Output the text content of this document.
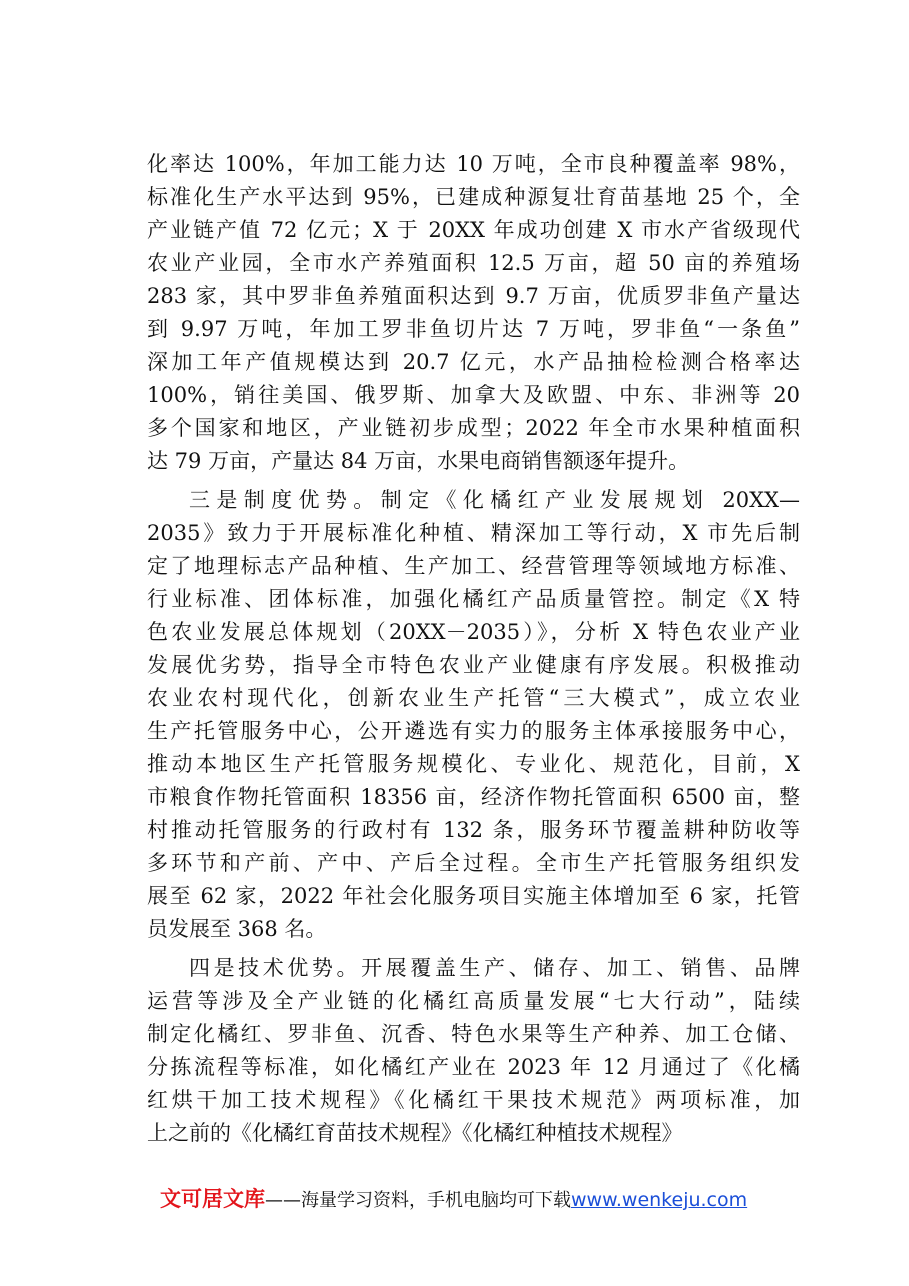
化率达 100%，年加工能力达 10 万吨，全市良种覆盖率 98%，
标准化生产水平达到 95%，已建成种源复壮育苗基地 25 个，全
产业链产值 72 亿元；X 于 20XX 年成功创建 X 市水产省级现代
农业产业园，全市水产养殖面积 12.5 万亩，超 50 亩的养殖场
283 家，其中罗非鱼养殖面积达到 9.7 万亩，优质罗非鱼产量达
到 9.97 万吨，年加工罗非鱼切片达 7 万吨，罗非鱼“一条鱼”
深加工年产值规模达到 20.7 亿元，水产品抽检检测合格率达
100%，销往美国、俄罗斯、加拿大及欧盟、中东、非洲等 20
多个国家和地区，产业链初步成型；2022 年全市水果种植面积
达 79 万亩，产量达 84 万亩，水果电商销售额逐年提升。
三是制度优势。制定《化橘红产业发展规划 20XX—
2035》致力于开展标准化种植、精深加工等行动，X 市先后制
定了地理标志产品种植、生产加工、经营管理等领域地方标准、
行业标准、团体标准，加强化橘红产品质量管控。制定《X 特
色农业发展总体规划（20XX－2035）》，分析 X 特色农业产业
发展优劣势，指导全市特色农业产业健康有序发展。积极推动
农业农村现代化，创新农业生产托管“三大模式”，成立农业
生产托管服务中心，公开遴选有实力的服务主体承接服务中心，
推动本地区生产托管服务规模化、专业化、规范化，目前，X
市粮食作物托管面积 18356 亩，经济作物托管面积 6500 亩，整
村推动托管服务的行政村有 132 条，服务环节覆盖耕种防收等
多环节和产前、产中、产后全过程。全市生产托管服务组织发
展至 62 家，2022 年社会化服务项目实施主体增加至 6 家，托管
员发展至 368 名。
四是技术优势。开展覆盖生产、储存、加工、销售、品牌
运营等涉及全产业链的化橘红高质量发展“七大行动”，陆续
制定化橘红、罗非鱼、沉香、特色水果等生产种养、加工仓储、
分拣流程等标准，如化橘红产业在 2023 年 12 月通过了《化橘
红烘干加工技术规程》《化橘红干果技术规范》两项标准，加
上之前的《化橘红育苗技术规程》《化橘红种植技术规程》
文可居文库——海量学习资料，手机电脑均可下载www.wenkeju.com
